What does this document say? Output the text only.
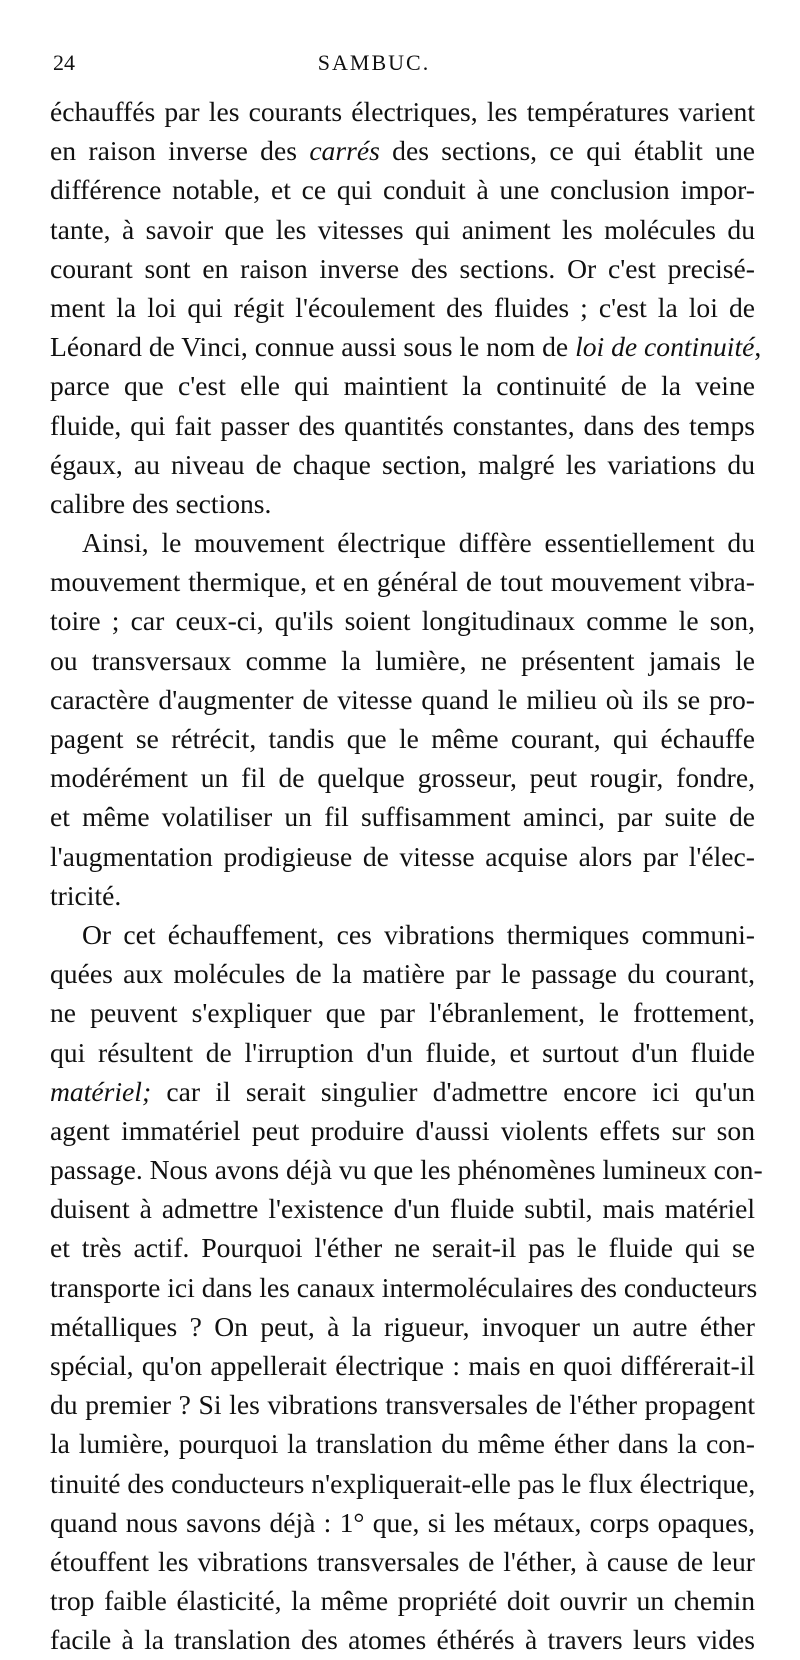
24	SAMBUC.
échauffés par les courants électriques, les températures varient
en raison inverse des carrés des sections, ce qui établit une
différence notable, et ce qui conduit à une conclusion impor-
tante, à savoir que les vitesses qui animent les molécules du
courant sont en raison inverse des sections. Or c'est precisé-
ment la loi qui régit l'écoulement des fluides ; c'est la loi de
Léonard de Vinci, connue aussi sous le nom de loi de continuité,
parce que c'est elle qui maintient la continuité de la veine
fluide, qui fait passer des quantités constantes, dans des temps
égaux, au niveau de chaque section, malgré les variations du
calibre des sections.
Ainsi, le mouvement électrique diffère essentiellement du
mouvement thermique, et en général de tout mouvement vibra-
toire ; car ceux-ci, qu'ils soient longitudinaux comme le son,
ou transversaux comme la lumière, ne présentent jamais le
caractère d'augmenter de vitesse quand le milieu où ils se pro-
pagent se rétrécit, tandis que le même courant, qui échauffe
modérément un fil de quelque grosseur, peut rougir, fondre,
et même volatiliser un fil suffisamment aminci, par suite de
l'augmentation prodigieuse de vitesse acquise alors par l'élec-
tricité.
Or cet échauffement, ces vibrations thermiques communi-
quées aux molécules de la matière par le passage du courant,
ne peuvent s'expliquer que par l'ébranlement, le frottement,
qui résultent de l'irruption d'un fluide, et surtout d'un fluide
matériel; car il serait singulier d'admettre encore ici qu'un
agent immatériel peut produire d'aussi violents effets sur son
passage. Nous avons déjà vu que les phénomènes lumineux con-
duisent à admettre l'existence d'un fluide subtil, mais matériel
et très actif. Pourquoi l'éther ne serait-il pas le fluide qui se
transporte ici dans les canaux intermoléculaires des conducteurs
métalliques ? On peut, à la rigueur, invoquer un autre éther
spécial, qu'on appellerait électrique : mais en quoi différerait-il
du premier ? Si les vibrations transversales de l'éther propagent
la lumière, pourquoi la translation du même éther dans la con-
tinuité des conducteurs n'expliquerait-elle pas le flux électrique,
quand nous savons déjà : 1° que, si les métaux, corps opaques,
étouffent les vibrations transversales de l'éther, à cause de leur
trop faible élasticité, la même propriété doit ouvrir un chemin
facile à la translation des atomes éthérés à travers leurs vides
